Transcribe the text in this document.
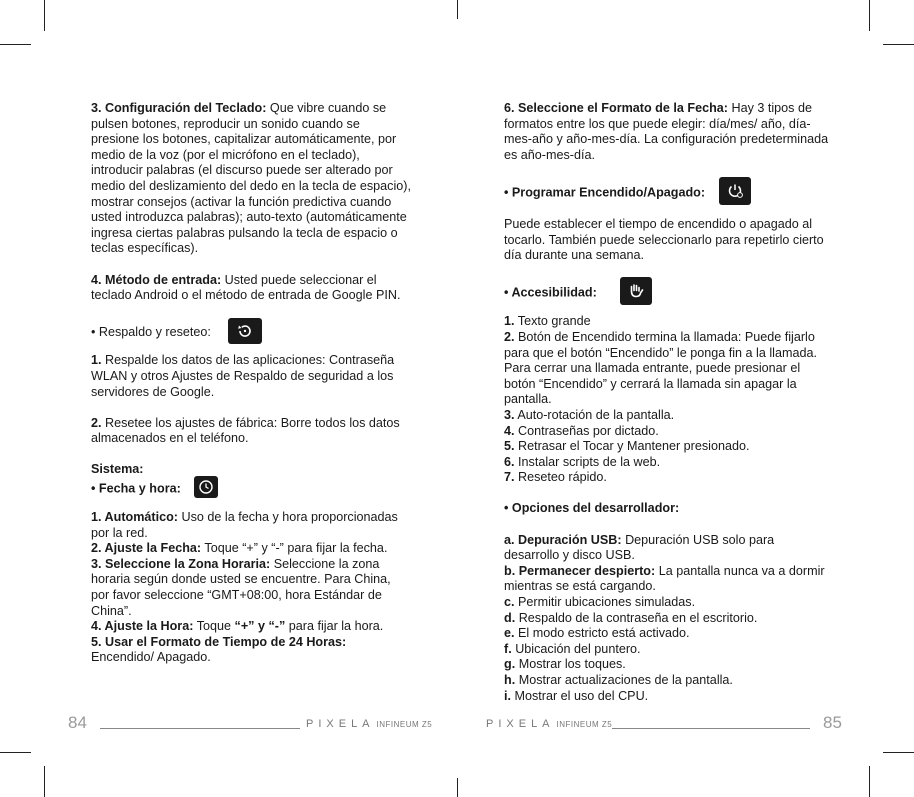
3. Configuración del Teclado: Que vibre cuando se pulsen botones, reproducir un sonido cuando se presione los botones, capitalizar automáticamente, por medio de la voz (por el micrófono en el teclado), introducir palabras (el discurso puede ser alterado por medio del deslizamiento del dedo en la tecla de espacio), mostrar consejos (activar la función predictiva cuando usted introduzca palabras); auto-texto (automáticamente ingresa ciertas palabras pulsando la tecla de espacio o teclas específicas).

4. Método de entrada: Usted puede seleccionar el teclado Android o el método de entrada de Google PIN.

• Respaldo y reseteo:

1. Respalde los datos de las aplicaciones: Contraseña WLAN y otros Ajustes de Respaldo de seguridad a los servidores de Google.

2. Resetee los ajustes de fábrica: Borre todos los datos almacenados en el teléfono.

Sistema:

• Fecha y hora:

1. Automático: Uso de la fecha y hora proporcionadas por la red.

2. Ajuste la Fecha: Toque “+” y “-” para fijar la fecha.

3. Seleccione la Zona Horaria: Seleccione la zona horaria según donde usted se encuentre. Para China, por favor seleccione “GMT+08:00, hora Estándar de China”.

4. Ajuste la Hora: Toque “+” y “-” para fijar la hora.

5. Usar el Formato de Tiempo de 24 Horas: Encendido/ Apagado.

6. Seleccione el Formato de la Fecha: Hay 3 tipos de formatos entre los que puede elegir: día/mes/ año, día-mes-año y año-mes-día. La configuración predeterminada es año-mes-día.

• Programar Encendido/Apagado:

Puede establecer el tiempo de encendido o apagado al tocarlo. También puede seleccionarlo para repetirlo cierto día durante una semana.

• Accesibilidad:

1. Texto grande

2. Botón de Encendido termina la llamada: Puede fijarlo para que el botón “Encendido” le ponga fin a la llamada. Para cerrar una llamada entrante, puede presionar el botón “Encendido” y cerrará la llamada sin apagar la pantalla.

3. Auto-rotación de la pantalla.

4. Contraseñas por dictado.

5. Retrasar el Tocar y Mantener presionado.

6. Instalar scripts de la web.

7. Reseteo rápido.

• Opciones del desarrollador:

a. Depuración USB: Depuración USB solo para desarrollo y disco USB.

b. Permanecer despierto: La pantalla nunca va a dormir mientras se está cargando.

c. Permitir ubicaciones simuladas.

d. Respaldo de la contraseña en el escritorio.

e. El modo estricto está activado.

f. Ubicación del puntero.

g. Mostrar los toques.

h. Mostrar actualizaciones de la pantalla.

i. Mostrar el uso del CPU.

84	PIXELA INFINEUM Z5	PIXELA INFINEUM Z5	85
